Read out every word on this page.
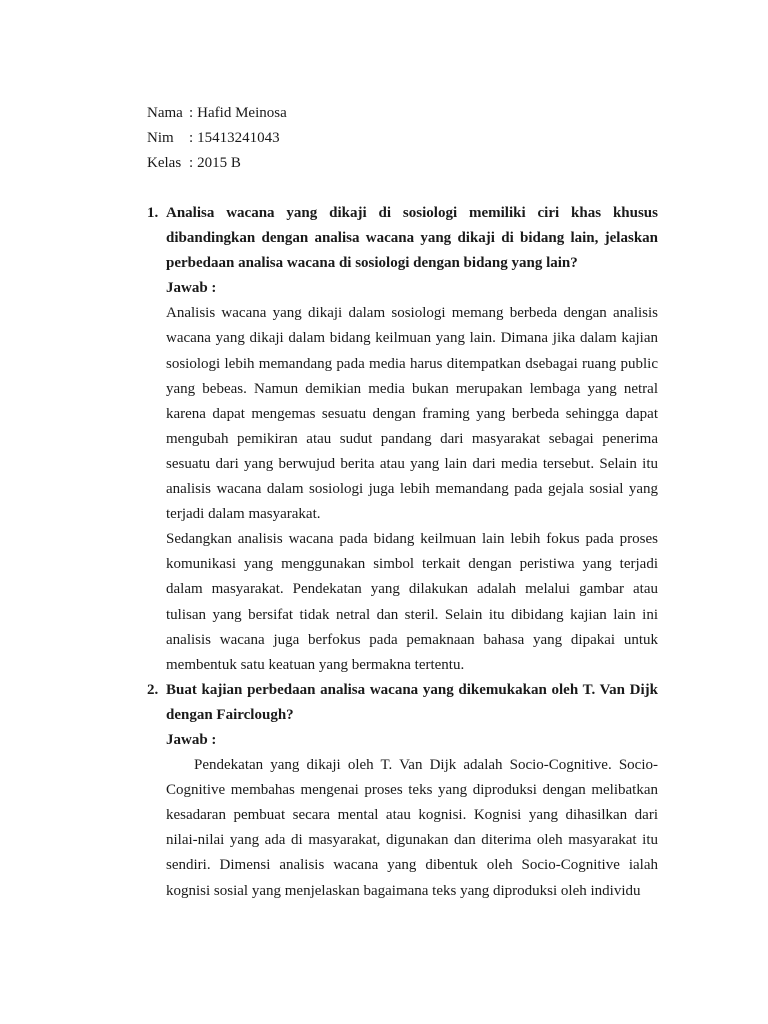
Nama : Hafid Meinosa
Nim	: 15413241043
Kelas : 2015 B
1. Analisa wacana yang dikaji di sosiologi memiliki ciri khas khusus dibandingkan dengan analisa wacana yang dikaji di bidang lain, jelaskan perbedaan analisa wacana di sosiologi dengan bidang yang lain?

Jawab :

Analisis wacana yang dikaji dalam sosiologi memang berbeda dengan analisis wacana yang dikaji dalam bidang keilmuan yang lain. Dimana jika dalam kajian sosiologi lebih memandang pada media harus ditempatkan dsebagai ruang public yang bebeas. Namun demikian media bukan merupakan lembaga yang netral karena dapat mengemas sesuatu dengan framing yang berbeda sehingga dapat mengubah pemikiran atau sudut pandang dari masyarakat sebagai penerima sesuatu dari yang berwujud berita atau yang lain dari media tersebut. Selain itu analisis wacana dalam sosiologi juga lebih memandang pada gejala sosial yang terjadi dalam masyarakat.

Sedangkan analisis wacana pada bidang keilmuan lain lebih fokus pada proses komunikasi yang menggunakan simbol terkait dengan peristiwa yang terjadi dalam masyarakat. Pendekatan yang dilakukan adalah melalui gambar atau tulisan yang bersifat tidak netral dan steril. Selain itu dibidang kajian lain ini analisis wacana juga berfokus pada pemaknaan bahasa yang dipakai untuk membentuk satu keatuan yang bermakna tertentu.

2. Buat kajian perbedaan analisa wacana yang dikemukakan oleh T. Van Dijk dengan Fairclough?

Jawab :

Pendekatan yang dikaji oleh T. Van Dijk adalah Socio-Cognitive. Socio-Cognitive membahas mengenai proses teks yang diproduksi dengan melibatkan kesadaran pembuat secara mental atau kognisi. Kognisi yang dihasilkan dari nilai-nilai yang ada di masyarakat, digunakan dan diterima oleh masyarakat itu sendiri. Dimensi analisis wacana yang dibentuk oleh Socio-Cognitive ialah kognisi sosial yang menjelaskan bagaimana teks yang diproduksi oleh individu
